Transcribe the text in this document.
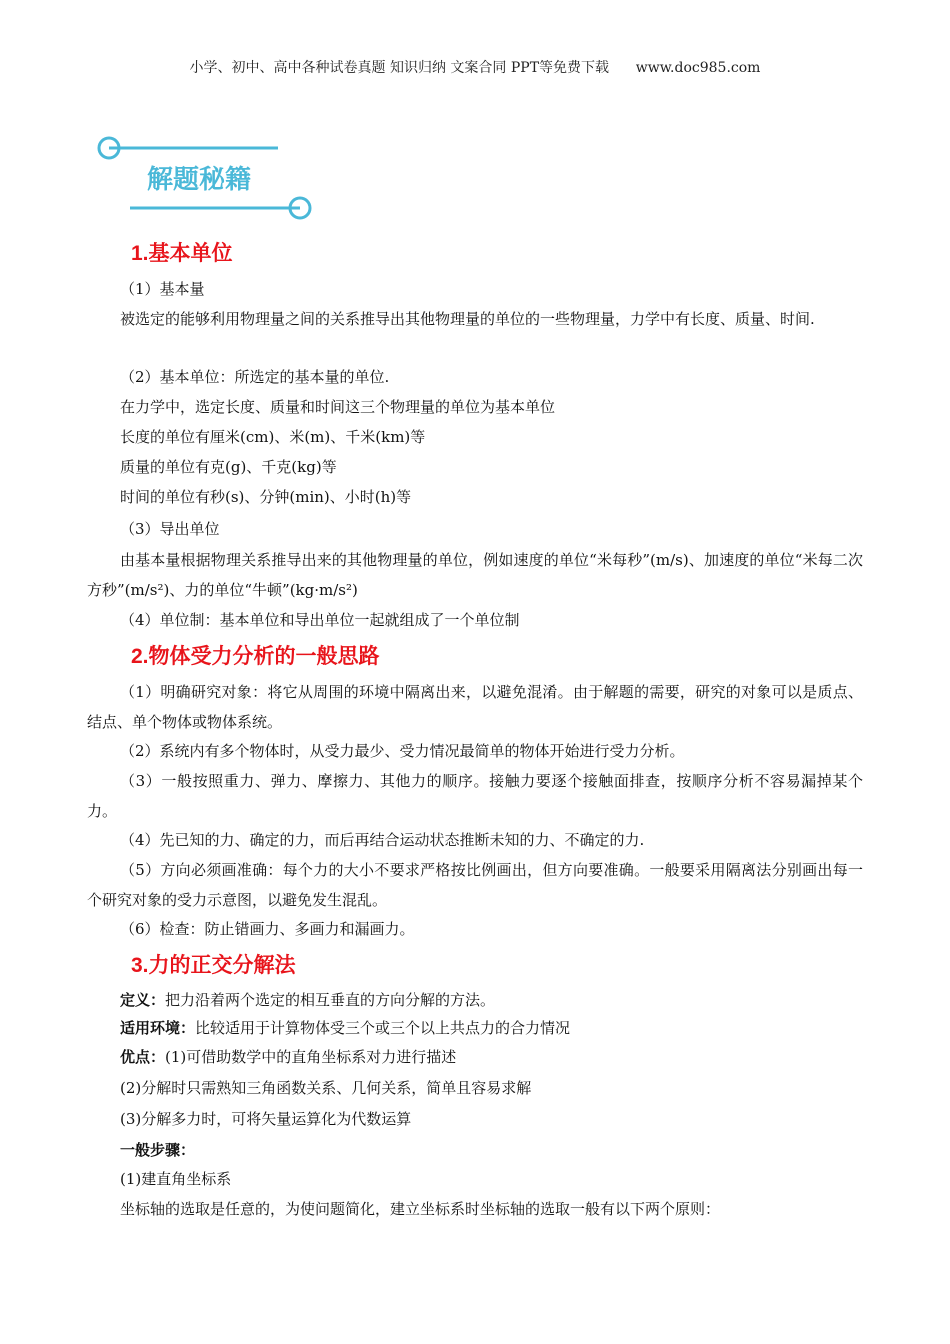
小学、初中、高中各种试卷真题 知识归纳 文案合同 PPT等免费下载 www.doc985.com
解题秘籍
1.基本单位
（1）基本量
被选定的能够利用物理量之间的关系推导出其他物理量的单位的一些物理量，力学中有长度、质量、时间.
（2）基本单位：所选定的基本量的单位.
在力学中，选定长度、质量和时间这三个物理量的单位为基本单位
长度的单位有厘米(cm)、米(m)、千米(km)等
质量的单位有克(g)、千克(kg)等
时间的单位有秒(s)、分钟(min)、小时(h)等
（3）导出单位
由基本量根据物理关系推导出来的其他物理量的单位，例如速度的单位“米每秒”(m/s)、加速度的单位“米每二次方秒”(m/s²)、力的单位“牛顿”(kg·m/s²)
（4）单位制：基本单位和导出单位一起就组成了一个单位制
2.物体受力分析的一般思路
（1）明确研究对象：将它从周围的环境中隔离出来，以避免混淆。由于解题的需要，研究的对象可以是质点、结点、单个物体或物体系统。
（2）系统内有多个物体时，从受力最少、受力情况最简单的物体开始进行受力分析。
（3）一般按照重力、弹力、摩擦力、其他力的顺序。接触力要逐个接触面排查，按顺序分析不容易漏掉某个力。
（4）先已知的力、确定的力，而后再结合运动状态推断未知的力、不确定的力.
（5）方向必须画准确：每个力的大小不要求严格按比例画出，但方向要准确。一般要采用隔离法分别画出每一个研究对象的受力示意图，以避免发生混乱。
（6）检查：防止错画力、多画力和漏画力。
3.力的正交分解法
定义：把力沿着两个选定的相互垂直的方向分解的方法。
适用环境：比较适用于计算物体受三个或三个以上共点力的合力情况
优点：(1)可借助数学中的直角坐标系对力进行描述
(2)分解时只需熟知三角函数关系、几何关系，简单且容易求解
(3)分解多力时，可将矢量运算化为代数运算
一般步骤：
(1)建直角坐标系
坐标轴的选取是任意的，为使问题简化，建立坐标系时坐标轴的选取一般有以下两个原则：
